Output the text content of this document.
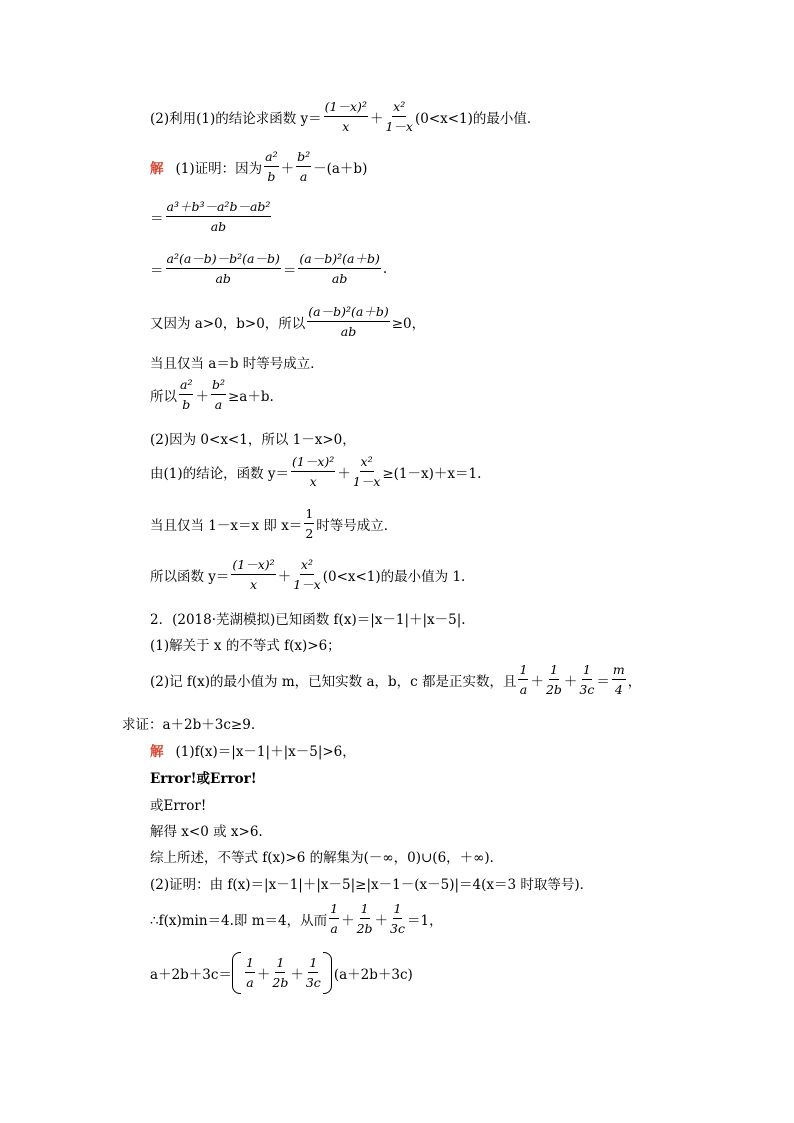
(2)利用(1)的结论求函数 $y= \frac{\text{(1－x)²}}{x} + \frac{\text{x²}}{1-x} (0<x<1)$的最小值．
解 (1)证明：因为 $\frac{\text{a²}}{b} + \frac{\text{b²}}{a} -(a+b)$
＝ $\frac{\text{a³＋b³－a²b－ab²}}{ab}$
＝ $\frac{\text{a²(a－b)－b²(a－b)}}{ab} = \frac{\text{(a－b)²(a＋b)}}{ab}$ .
又因为 a>0，b>0，所以 $\frac{\text{(a－b)²(a＋b)}}{ab} \ge 0$，
当且仅当 a＝b 时等号成立．
所以 $\frac{\text{a²}}{b} + \frac{\text{b²}}{a} \ge a+b$.
(2)因为 0<x<1，所以 1－x>0，
由(1)的结论，函数 $y= \frac{\text{(1－x)²}}{x} + \frac{\text{x²}}{1-x} \ge(1-x)+x=1$.
当且仅当 1－x＝x 即 $x= \frac{1}{2}$ 时等号成立．
所以函数 $y= \frac{\text{(1－x)²}}{x} + \frac{\text{x²}}{1-x} (0<x<1)$的最小值为 1.
2．(2018·芜湖模拟)已知函数 f(x)＝|x－1|＋|x－5|.
(1)解关于 x 的不等式 f(x)>6；
(2)记 f(x)的最小值为 m，已知实数 a，b，c 都是正实数，且 $\frac{1}{a} + \frac{1}{2b} + \frac{1}{3c} = \frac{m}{4}$ ，
求证：a＋2b＋3c≥9.
解 (1)f(x)＝|x－1|＋|x－5|>6，
Error!或Error!
或Error!
解得 x<0 或 x>6.
综上所述，不等式 f(x)>6 的解集为(－∞，0)∪(6，＋∞)．
(2)证明：由 f(x)＝|x－1|＋|x－5|≥|x－1－(x－5)|＝4(x＝3 时取等号)．
∴f(x)min＝4.即 m＝4，从而 $\frac{1}{a} + \frac{1}{2b} + \frac{1}{3c} =1$，
$a+2b+3c= \frac{1}{a} + \frac{1}{2b} + \frac{1}{3c} (a+2b+3c)$
